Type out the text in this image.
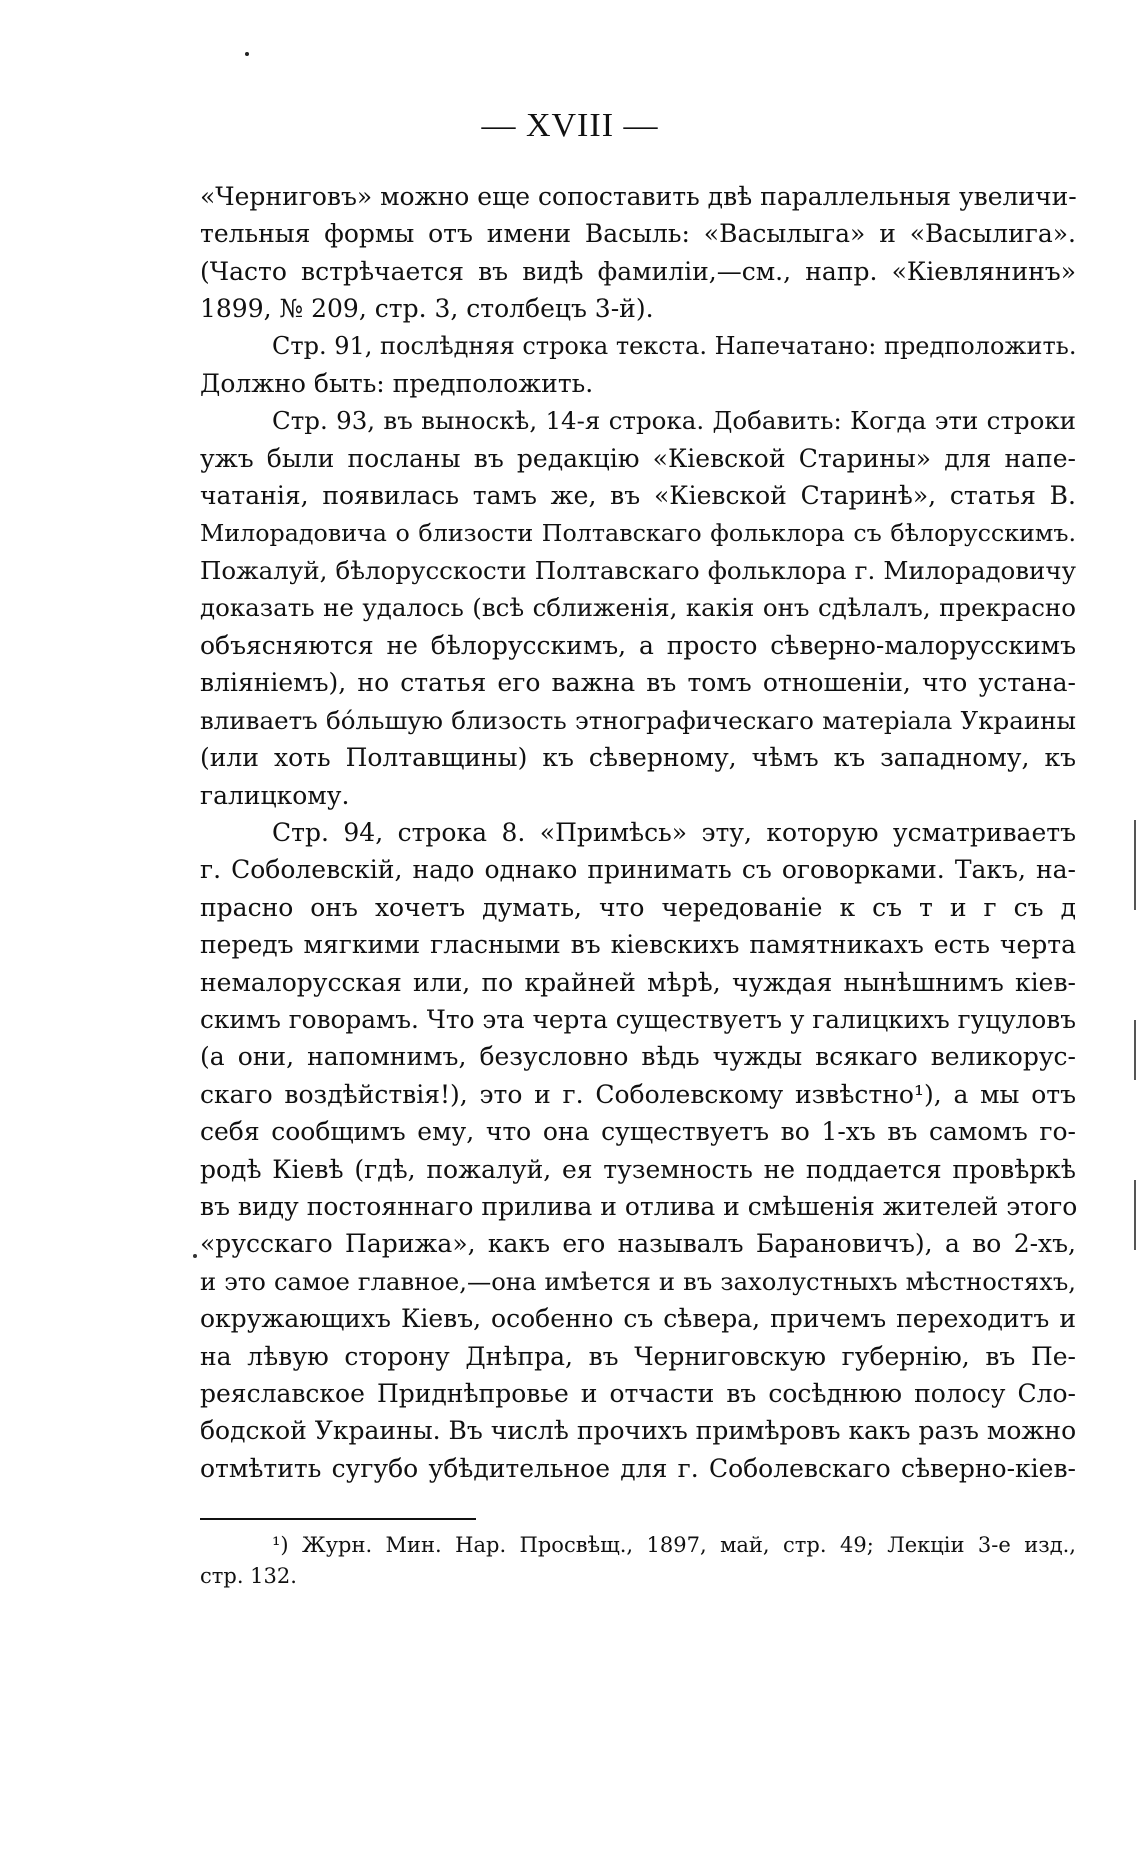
— XVIII —

«Черниговъ» можно еще сопоставить двѣ параллельныя увеличи-
тельныя формы отъ имени Васыль: «Васылыга» и «Васылига».
(Часто встрѣчается въ видѣ фамиліи,—см., напр. «Кіевлянинъ»
1899, № 209, стр. 3, столбецъ 3-й).

Стр. 91, послѣдняя строка текста. Напечатано: предположить.
Должно быть: предположить.

Стр. 93, въ выноскѣ, 14-я строка. Добавить: Когда эти строки
ужъ были посланы въ редакцію «Кіевской Старины» для напе-
чатанія, появилась тамъ же, въ «Кіевской Старинѣ», статья В.
Милорадовича о близости Полтавскаго фольклора съ бѣлорусскимъ.
Пожалуй, бѣлорусскости Полтавскаго фольклора г. Милорадовичу
доказать не удалось (всѣ сближенія, какія онъ сдѣлалъ, прекрасно
объясняются не бѣлорусскимъ, а просто сѣверно-малорусскимъ
вліяніемъ), но статья его важна въ томъ отношеніи, что устана-
вливаетъ бóльшую близость этнографическаго матеріала Украины
(или хоть Полтавщины) къ сѣверному, чѣмъ къ западному, къ
галицкому.

Стр. 94, строка 8. «Примѣсь» эту, которую усматриваетъ
г. Соболевскій, надо однако принимать съ оговорками. Такъ, на-
прасно онъ хочетъ думать, что чередованіе к съ т и г съ д
передъ мягкими гласными въ кіевскихъ памятникахъ есть черта
немалорусская или, по крайней мѣрѣ, чуждая нынѣшнимъ кіев-
скимъ говорамъ. Что эта черта существуетъ у галицкихъ гуцуловъ
(а они, напомнимъ, безусловно вѣдь чужды всякаго великорус-
скаго воздѣйствія!), это и г. Соболевскому извѣстно¹), а мы отъ
себя сообщимъ ему, что она существуетъ во 1-хъ въ самомъ го-
родѣ Кіевѣ (гдѣ, пожалуй, ея туземность не поддается провѣркѣ
въ виду постояннаго прилива и отлива и смѣшенія жителей этого
«русскаго Парижа», какъ его называлъ Барановичъ), а во 2-хъ,
и это самое главное,—она имѣется и въ захолустныхъ мѣстностяхъ,
окружающихъ Кіевъ, особенно съ сѣвера, причемъ переходитъ и
на лѣвую сторону Днѣпра, въ Черниговскую губернію, въ Пе-
реяславское Приднѣпровье и отчасти въ сосѣднюю полосу Сло-
бодской Украины. Въ числѣ прочихъ примѣровъ какъ разъ можно
отмѣтить сугубо убѣдительное для г. Соболевскаго сѣверно-кіев-

¹) Журн. Мин. Нар. Просвѣщ., 1897, май, стр. 49; Лекціи 3-е изд.,
стр. 132.
